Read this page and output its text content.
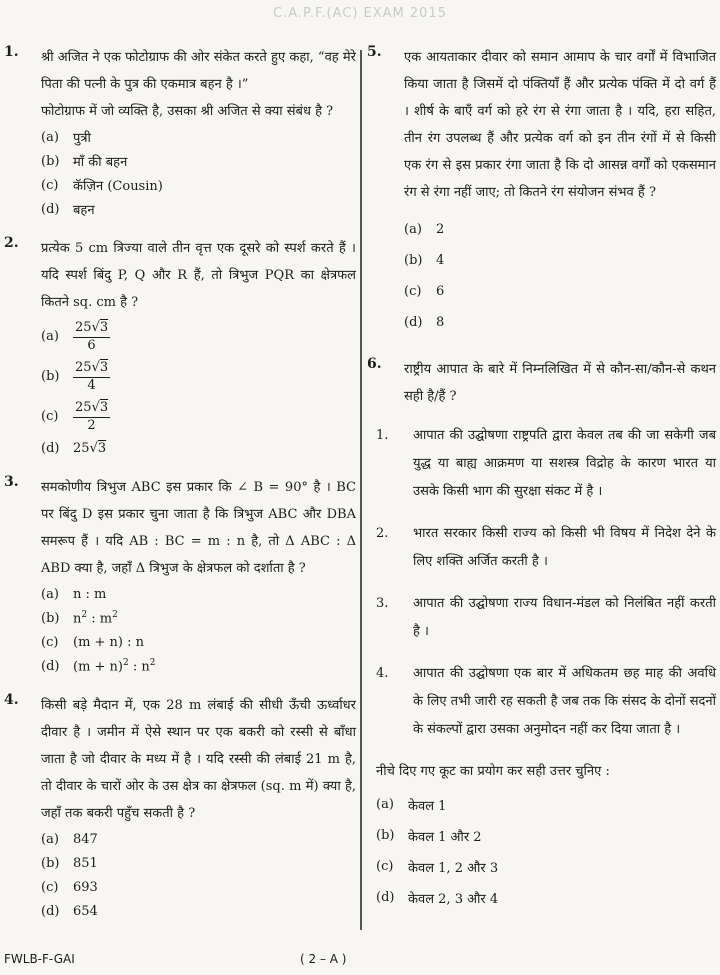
C.A.P.F.(AC) EXAM 2015
1. श्री अजित ने एक फोटोग्राफ की ओर संकेत करते हुए कहा, “वह मेरे पिता की पत्नी के पुत्र की एकमात्र बहन है ।”

फोटोग्राफ में जो व्यक्ति है, उसका श्री अजित से क्या संबंध है ?

(a)	पुत्री
(b)	माँ की बहन
(c)	कॅज़िन (Cousin)
(d)	बहन
2. प्रत्येक 5 cm त्रिज्या वाले तीन वृत्त एक दूसरे को स्पर्श करते हैं । यदि स्पर्श बिंदु P, Q और R हैं, तो त्रिभुज PQR का क्षेत्रफल कितने sq. cm है ?
(a)	$\frac{25√3}{6}$
(b)	$\frac{25√3}{4}$
(c)	$\frac{25√3}{2}$
(d)	25√3
3. समकोणीय त्रिभुज ABC इस प्रकार कि ∠ B = 90° है । BC पर बिंदु D इस प्रकार चुना जाता है कि त्रिभुज ABC और DBA समरूप हैं । यदि AB : BC = m : n है, तो Δ ABC : Δ ABD क्या है, जहाँ Δ त्रिभुज के क्षेत्रफल को दर्शाता है ?
(a)	n : m
(b)	$n^2$ : $m^2$
(c)	(m + n) : n
(d)	$(m + n)^2$ : $n^2$
4. किसी बड़े मैदान में, एक 28 m लंबाई की सीधी ऊँची ऊर्ध्वाधर दीवार है । जमीन में ऐसे स्थान पर एक बकरी को रस्सी से बाँधा जाता है जो दीवार के मध्य में है । यदि रस्सी की लंबाई 21 m है, तो दीवार के चारों ओर के उस क्षेत्र का क्षेत्रफल (sq. m में) क्या है, जहाँ तक बकरी पहुँच सकती है ?
(a)	847
(b)	851
(c)	693
(d)	654
5. एक आयताकार दीवार को समान आमाप के चार वर्गों में विभाजित किया जाता है जिसमें दो पंक्तियाँ हैं और प्रत्येक पंक्ति में दो वर्ग हैं । शीर्ष के बाएँ वर्ग को हरे रंग से रंगा जाता है । यदि, हरा सहित, तीन रंग उपलब्ध हैं और प्रत्येक वर्ग को इन तीन रंगों में से किसी एक रंग से इस प्रकार रंगा जाता है कि दो आसन्न वर्गों को एकसमान रंग से रंगा नहीं जाए; तो कितने रंग संयोजन संभव हैं ?
(a)	2
(b)	4
(c)	6
(d)	8
6. राष्ट्रीय आपात के बारे में निम्नलिखित में से कौन-सा/कौन-से कथन सही है/हैं ?
1. आपात की उद्घोषणा राष्ट्रपति द्वारा केवल तब की जा सकेगी जब युद्ध या बाह्य आक्रमण या सशस्त्र विद्रोह के कारण भारत या उसके किसी भाग की सुरक्षा संकट में है ।
2. भारत सरकार किसी राज्य को किसी भी विषय में निदेश देने के लिए शक्ति अर्जित करती है ।
3. आपात की उद्घोषणा राज्य विधान-मंडल को निलंबित नहीं करती है ।
4. आपात की उद्घोषणा एक बार में अधिकतम छह माह की अवधि के लिए तभी जारी रह सकती है जब तक कि संसद के दोनों सदनों के संकल्पों द्वारा उसका अनुमोदन नहीं कर दिया जाता है ।
नीचे दिए गए कूट का प्रयोग कर सही उत्तर चुनिए :
(a)	केवल 1
(b)	केवल 1 और 2
(c)	केवल 1, 2 और 3
(d)	केवल 2, 3 और 4
FWLB-F-GAI	( 2 – A )
